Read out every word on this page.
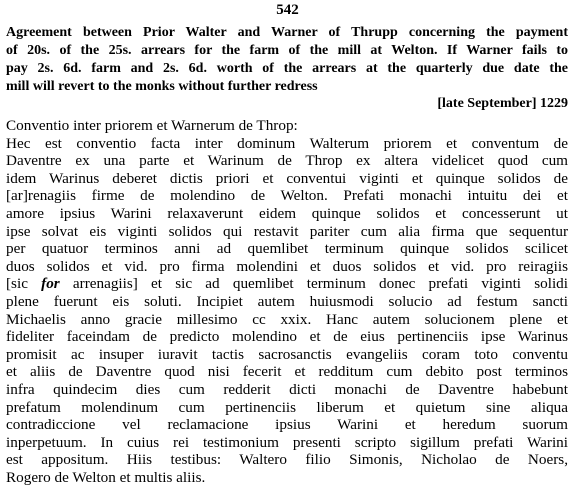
542
Agreement between Prior Walter and Warner of Thrupp concerning the payment
of 20s. of the 25s. arrears for the farm of the mill at Welton. If Warner fails to
pay 2s. 6d. farm and 2s. 6d. worth of the arrears at the quarterly due date the
mill will revert to the monks without further redress
[late September] 1229
Conventio inter priorem et Warnerum de Throp:
Hec est conventio facta inter dominum Walterum priorem et conventum de
Daventre ex una parte et Warinum de Throp ex altera videlicet quod cum
idem Warinus deberet dictis priori et conventui viginti et quinque solidos de
[ar]renagiis firme de molendino de Welton. Prefati monachi intuitu dei et
amore ipsius Warini relaxaverunt eidem quinque solidos et concesserunt ut
ipse solvat eis viginti solidos qui restavit pariter cum alia firma que sequentur
per quatuor terminos anni ad quemlibet terminum quinque solidos scilicet
duos solidos et vid. pro firma molendini et duos solidos et vid. pro reiragiis
[sic for arrenagiis] et sic ad quemlibet terminum donec prefati viginti solidi
plene fuerunt eis soluti. Incipiet autem huiusmodi solucio ad festum sancti
Michaelis anno gracie millesimo cc xxix. Hanc autem solucionem plene et
fideliter faceindam de predicto molendino et de eius pertinenciis ipse Warinus
promisit ac insuper iuravit tactis sacrosanctis evangeliis coram toto conventu
et aliis de Daventre quod nisi fecerit et redditum cum debito post terminos
infra quindecim dies cum redderit dicti monachi de Daventre habebunt
prefatum molendinum cum pertinenciis liberum et quietum sine aliqua
contradiccione vel reclamacione ipsius Warini et heredum suorum
inperpetuum. In cuius rei testimonium presenti scripto sigillum prefati Warini
est appositum. Hiis testibus: Waltero filio Simonis, Nicholao de Noers,
Rogero de Welton et multis aliis.
